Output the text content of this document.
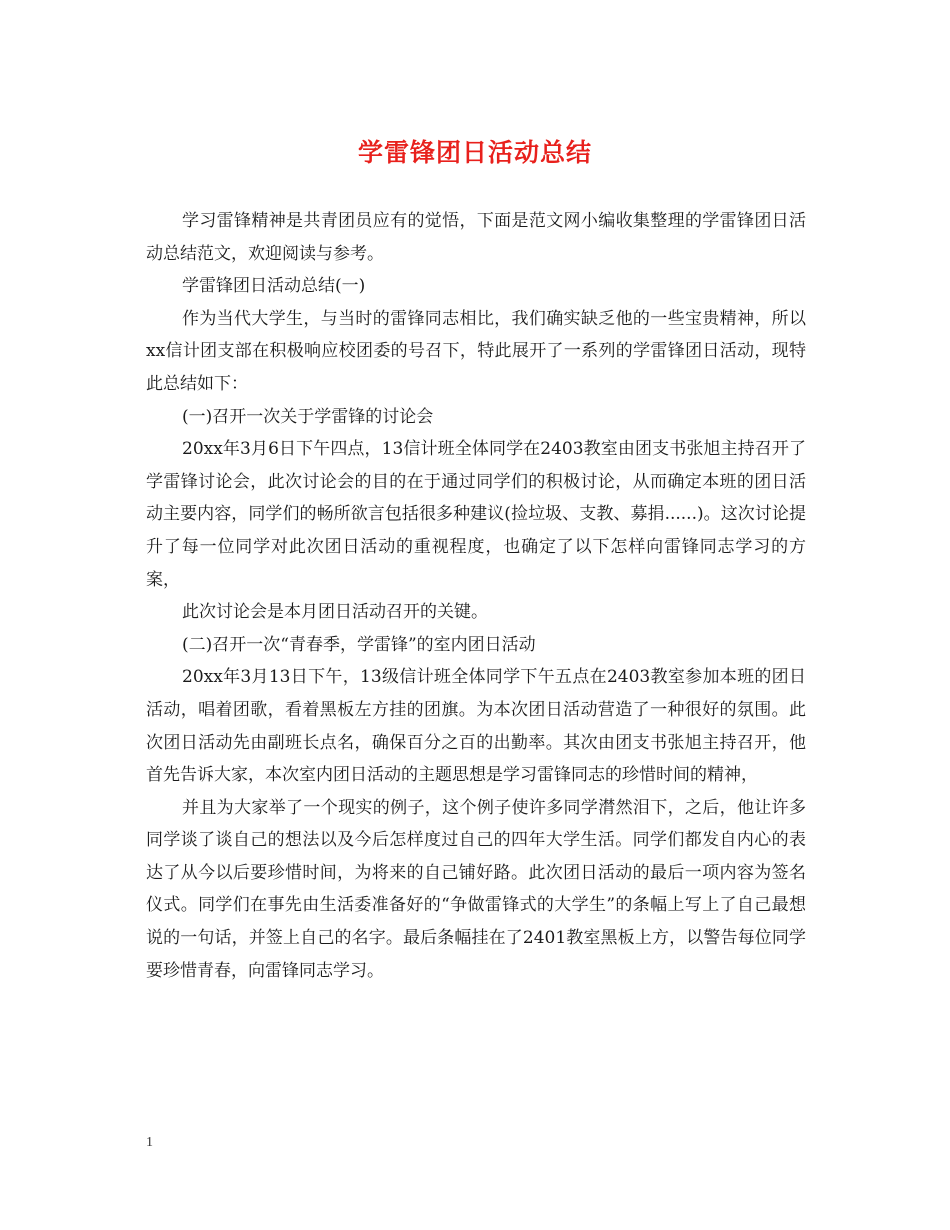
学雷锋团日活动总结

学习雷锋精神是共青团员应有的觉悟，下面是范文网小编收集整理的学雷锋团日活动总结范文，欢迎阅读与参考。

学雷锋团日活动总结(一)

作为当代大学生，与当时的雷锋同志相比，我们确实缺乏他的一些宝贵精神，所以xx信计团支部在积极响应校团委的号召下，特此展开了一系列的学雷锋团日活动，现特此总结如下：

(一)召开一次关于学雷锋的讨论会

20xx年3月6日下午四点，13信计班全体同学在2403教室由团支书张旭主持召开了学雷锋讨论会，此次讨论会的目的在于通过同学们的积极讨论，从而确定本班的团日活动主要内容，同学们的畅所欲言包括很多种建议(捡垃圾、支教、募捐......)。这次讨论提升了每一位同学对此次团日活动的重视程度，也确定了以下怎样向雷锋同志学习的方案，

此次讨论会是本月团日活动召开的关键。

(二)召开一次“青春季，学雷锋”的室内团日活动

20xx年3月13日下午，13级信计班全体同学下午五点在2403教室参加本班的团日活动，唱着团歌，看着黑板左方挂的团旗。为本次团日活动营造了一种很好的氛围。此次团日活动先由副班长点名，确保百分之百的出勤率。其次由团支书张旭主持召开，他首先告诉大家，本次室内团日活动的主题思想是学习雷锋同志的珍惜时间的精神，

并且为大家举了一个现实的例子，这个例子使许多同学潸然泪下，之后，他让许多同学谈了谈自己的想法以及今后怎样度过自己的四年大学生活。同学们都发自内心的表达了从今以后要珍惜时间，为将来的自己铺好路。此次团日活动的最后一项内容为签名仪式。同学们在事先由生活委准备好的“争做雷锋式的大学生”的条幅上写上了自己最想说的一句话，并签上自己的名字。最后条幅挂在了2401教室黑板上方，以警告每位同学要珍惜青春，向雷锋同志学习。

1
